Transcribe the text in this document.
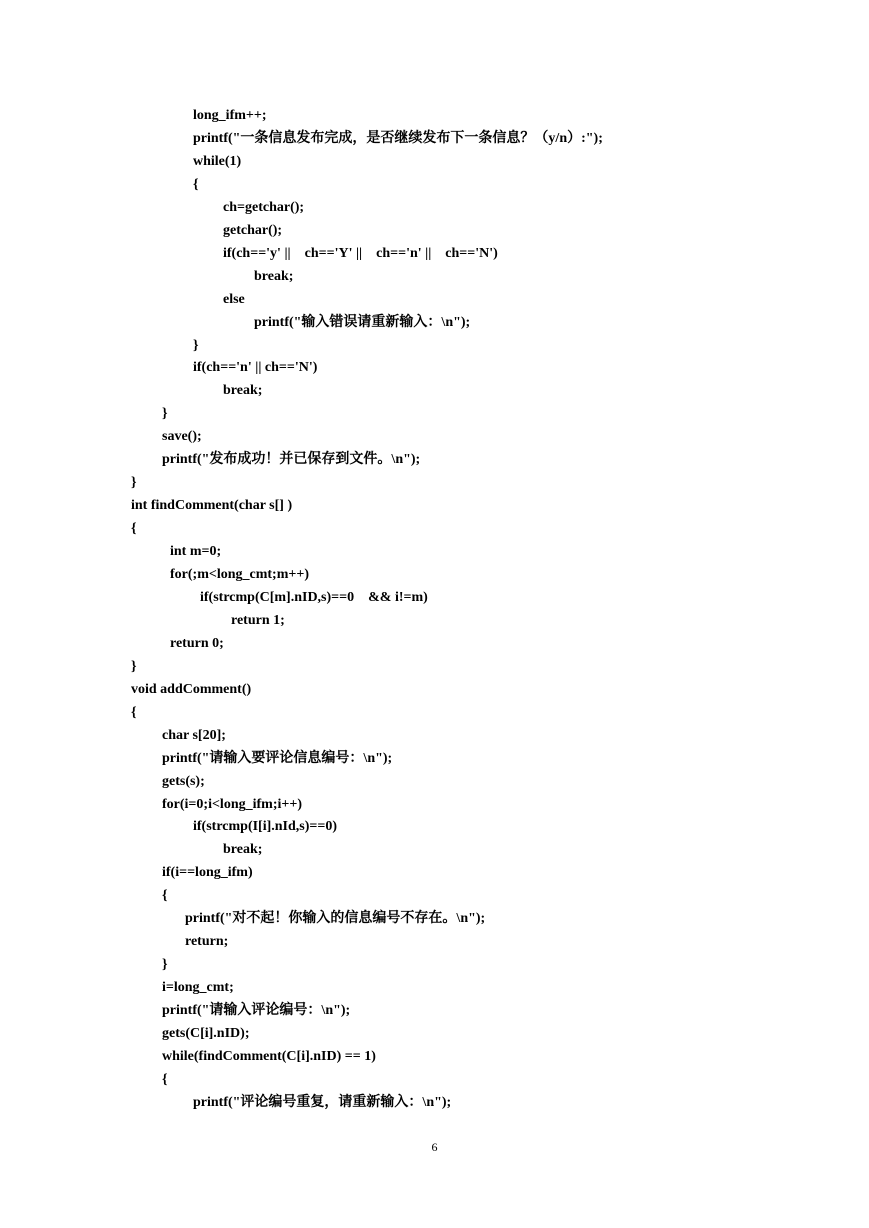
long_ifm++;
printf("一条信息发布完成，是否继续发布下一条信息？（y/n）:");
while(1)
{
ch=getchar();
getchar();
if(ch=='y' ||    ch=='Y' ||    ch=='n' ||    ch=='N')
break;
else
printf("输入错误请重新输入：\n");
}
if(ch=='n' || ch=='N')
break;
}
save();
printf("发布成功！并已保存到文件。\n");
}
int findComment(char s[] )
{
int m=0;
for(;m<long_cmt;m++)
if(strcmp(C[m].nID,s)==0    && i!=m)
return 1;
return 0;
}
void addComment()
{
char s[20];
printf("请输入要评论信息编号：\n");
gets(s);
for(i=0;i<long_ifm;i++)
if(strcmp(I[i].nId,s)==0)
break;
if(i==long_ifm)
{
printf("对不起！你输入的信息编号不存在。\n");
return;
}
i=long_cmt;
printf("请输入评论编号：\n");
gets(C[i].nID);
while(findComment(C[i].nID) == 1)
{
printf("评论编号重复，请重新输入：\n");
6
